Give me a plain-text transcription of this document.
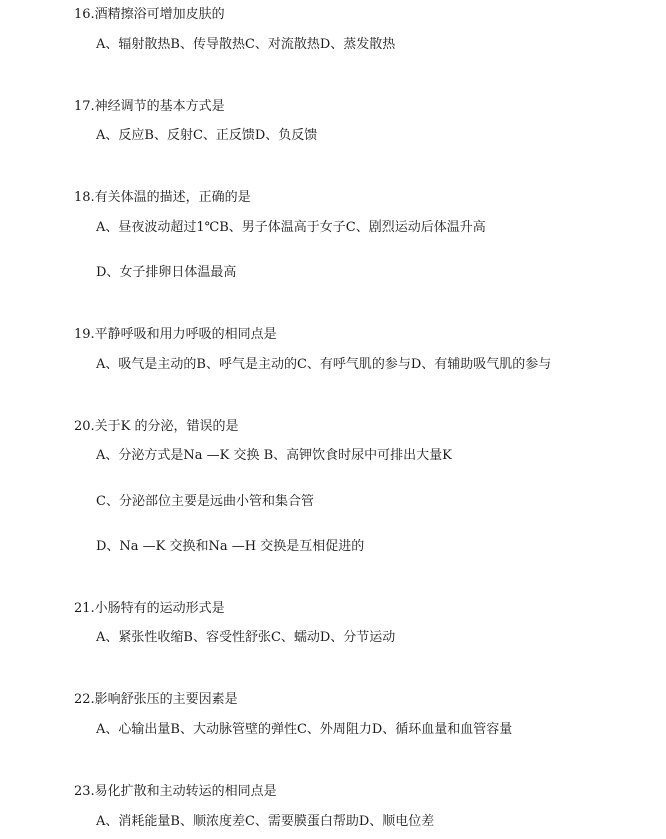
16.酒精擦浴可增加皮肤的
A、辐射散热B、传导散热C、对流散热D、蒸发散热
17.神经调节的基本方式是
A、反应B、反射C、正反馈D、负反馈
18.有关体温的描述，正确的是
A、昼夜波动超过1℃B、男子体温高于女子C、剧烈运动后体温升高
D、女子排卵日体温最高
19.平静呼吸和用力呼吸的相同点是
A、吸气是主动的B、呼气是主动的C、有呼气肌的参与D、有辅助吸气肌的参与
20.关于K 的分泌，错误的是
A、分泌方式是Na —K 交换 B、高钾饮食时尿中可排出大量K
C、分泌部位主要是远曲小管和集合管
D、Na —K 交换和Na —H 交换是互相促进的
21.小肠特有的运动形式是
A、紧张性收缩B、容受性舒张C、蠕动D、分节运动
22.影响舒张压的主要因素是
A、心输出量B、大动脉管壁的弹性C、外周阻力D、循环血量和血管容量
23.易化扩散和主动转运的相同点是
A、消耗能量B、顺浓度差C、需要膜蛋白帮助D、顺电位差
